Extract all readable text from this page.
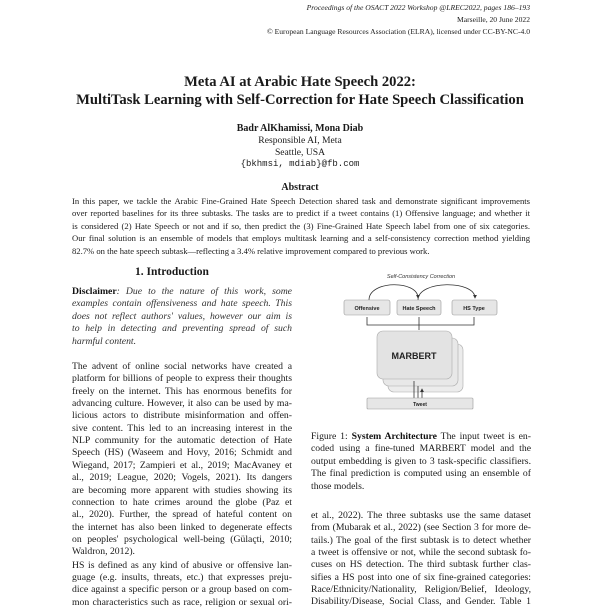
Proceedings of the OSACT 2022 Workshop @LREC2022, pages 186–193
Marseille, 20 June 2022
© European Language Resources Association (ELRA), licensed under CC-BY-NC-4.0
Meta AI at Arabic Hate Speech 2022:
MultiTask Learning with Self-Correction for Hate Speech Classification
Badr AlKhamissi, Mona Diab
Responsible AI, Meta
Seattle, USA
{bkhmsi, mdiab}@fb.com
Abstract
In this paper, we tackle the Arabic Fine-Grained Hate Speech Detection shared task and demonstrate significant improvements
over reported baselines for its three subtasks. The tasks are to predict if a tweet contains (1) Offensive language; and whether it
is considered (2) Hate Speech or not and if so, then predict the (3) Fine-Grained Hate Speech label from one of six categories.
Our final solution is an ensemble of models that employs multitask learning and a self-consistency correction method yielding
82.7% on the hate speech subtask—reflecting a 3.4% relative improvement compared to previous work.
1. Introduction
Disclaimer: Due to the nature of this work, some
examples contain offensiveness and hate speech. This
does not reflect authors' values, however our aim is
to help in detecting and preventing spread of such
harmful content.
The advent of online social networks have created a
platform for billions of people to express their thoughts
freely on the internet. This has enormous benefits for
advancing culture. However, it also can be used by ma-
licious actors to distribute misinformation and offen-
sive content. This led to an increasing interest in the
NLP community for the automatic detection of Hate
Speech (HS) (Waseem and Hovy, 2016; Schmidt and
Wiegand, 2017; Zampieri et al., 2019; MacAvaney et
al., 2019; League, 2020; Vogels, 2021). Its dangers
are becoming more apparent with studies showing its
connection to hate crimes around the globe (Paz et
al., 2020). Further, the spread of hateful content on
the internet has also been linked to degenerate effects
on peoples' psychological well-being (Gülaçti, 2010;
Waldron, 2012).
HS is defined as any kind of abusive or offensive lan-
guage (e.g. insults, threats, etc.) that expresses preju-
dice against a specific person or a group based on com-
mon characteristics such as race, religion or sexual ori-
Self-Consistency Correction
Offensive	Hate Speech	HS Type
MARBERT
Tweet
Figure 1: System Architecture The input tweet is en-
coded using a fine-tuned MARBERT model and the
output embedding is given to 3 task-specific classifiers.
The final prediction is computed using an ensemble of
those models.
et al., 2022). The three subtasks use the same dataset
from (Mubarak et al., 2022) (see Section 3 for more de-
tails.) The goal of the first subtask is to detect whether
a tweet is offensive or not, while the second subtask fo-
cuses on HS detection. The third subtask further clas-
sifies a HS post into one of six fine-grained categories:
Race/Ethnicity/Nationality, Religion/Belief, Ideology,
Disability/Disease, Social Class, and Gender. Table 1
